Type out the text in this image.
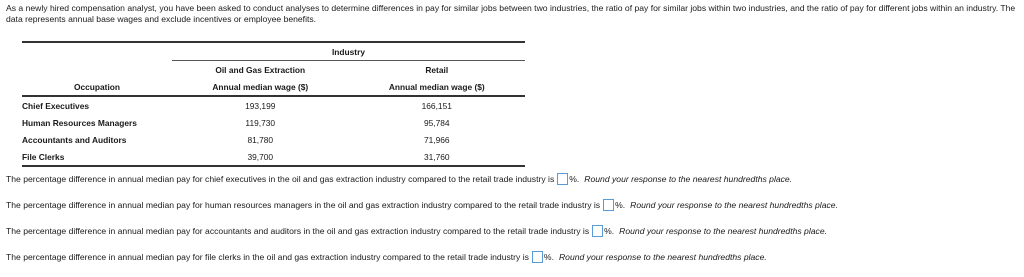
As a newly hired compensation analyst, you have been asked to conduct analyses to determine differences in pay for similar jobs between two industries, the ratio of pay for similar jobs within two industries, and the ratio of pay for different jobs within an industry. The data represents annual base wages and exclude incentives or employee benefits.
	Industry	
	Oil and Gas Extraction	Retail
Occupation	Annual median wage ($)	Annual median wage ($)
Chief Executives	193,199	166,151
Human Resources Managers	119,730	95,784
Accountants and Auditors	81,780	71,966
File Clerks	39,700	31,760
The percentage difference in annual median pay for chief executives in the oil and gas extraction industry compared to the retail trade industry is %. Round your response to the nearest hundredths place.
The percentage difference in annual median pay for human resources managers in the oil and gas extraction industry compared to the retail trade industry is %. Round your response to the nearest hundredths place.
The percentage difference in annual median pay for accountants and auditors in the oil and gas extraction industry compared to the retail trade industry is %. Round your response to the nearest hundredths place.
The percentage difference in annual median pay for file clerks in the oil and gas extraction industry compared to the retail trade industry is %. Round your response to the nearest hundredths place.
